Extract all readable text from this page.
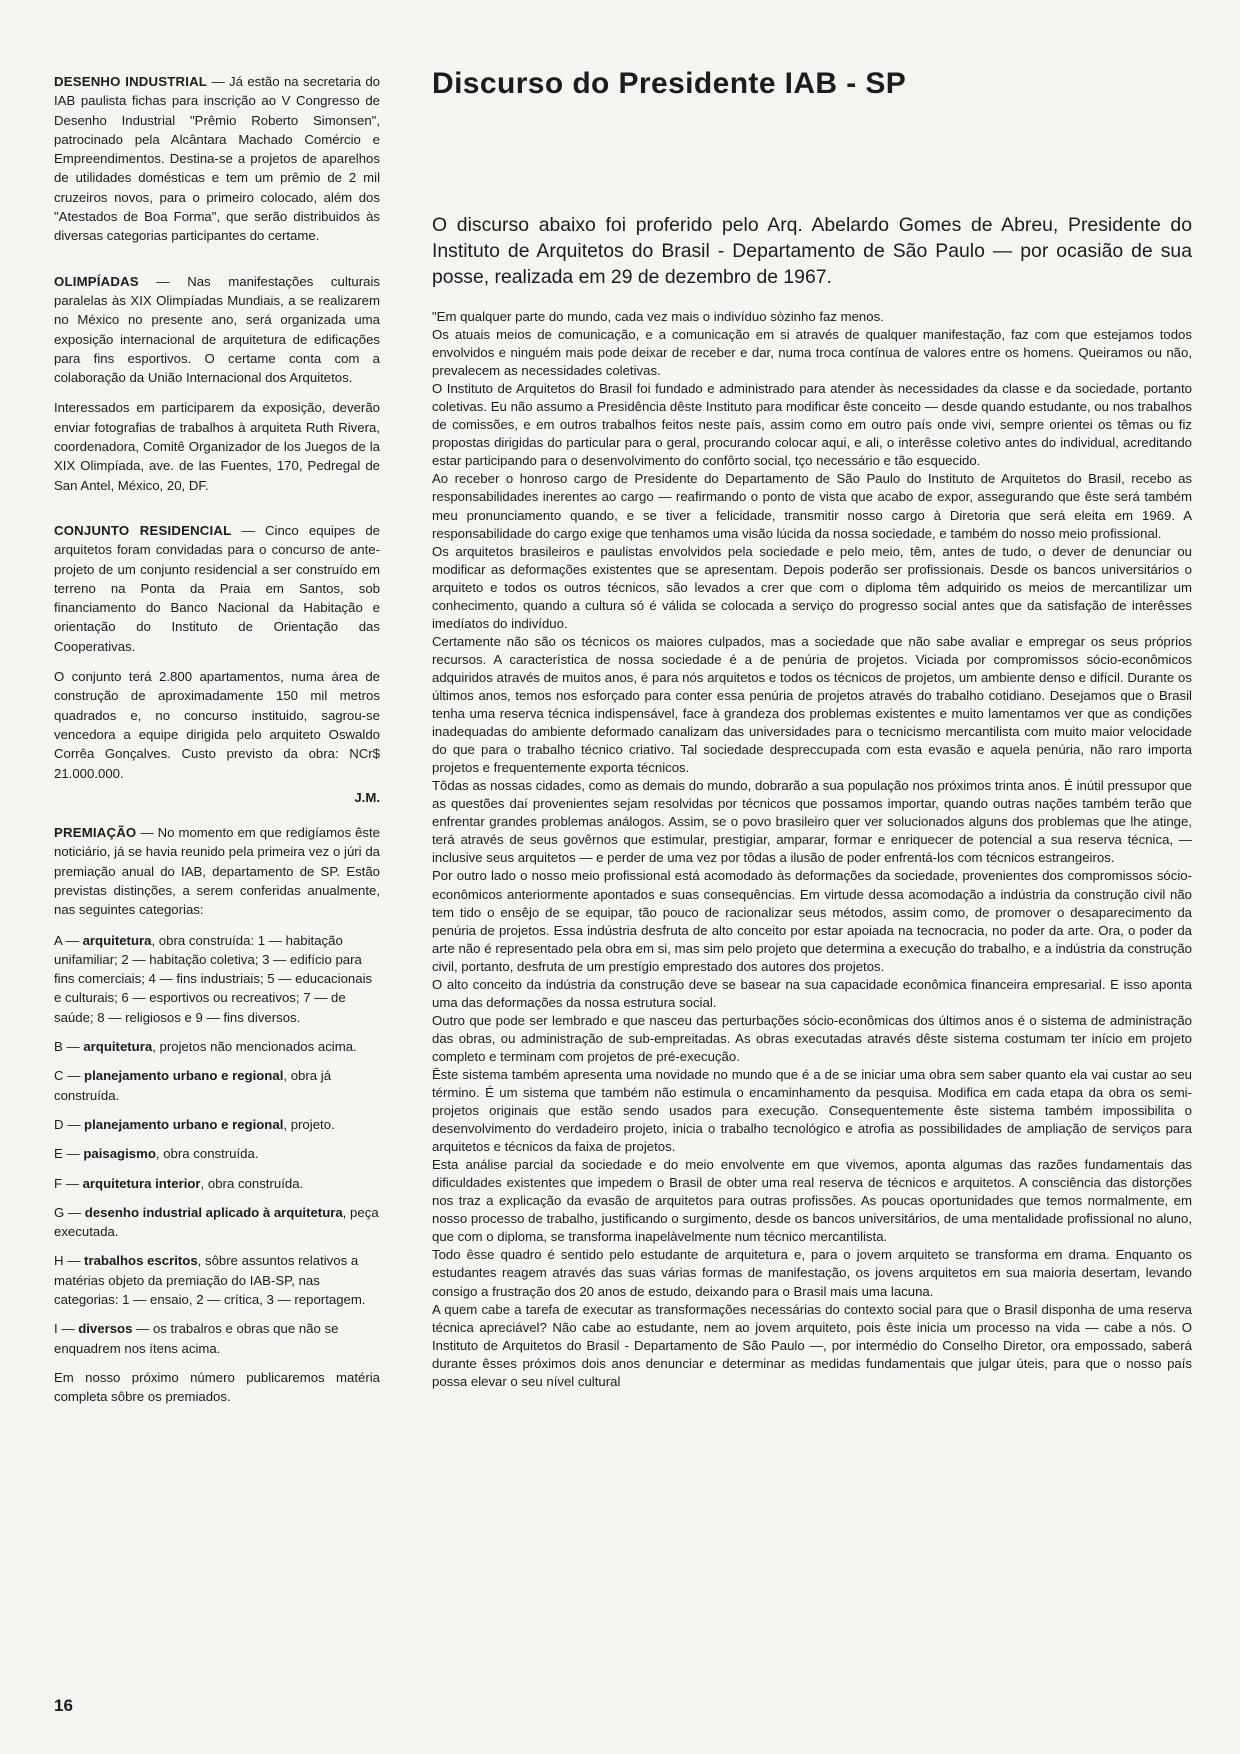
DESENHO INDUSTRIAL — Já estão na secretaria do IAB paulista fichas para inscrição ao V Congresso de Desenho Industrial "Prêmio Roberto Simonsen", patrocinado pela Alcântara Machado Comércio e Empreendimentos. Destina-se a projetos de aparelhos de utilidades domésticas e tem um prêmio de 2 mil cruzeiros novos, para o primeiro colocado, além dos "Atestados de Boa Forma", que serão distribuidos às diversas categorias participantes do certame.

OLIMPÍADAS — Nas manifestações culturais paralelas às XIX Olimpíadas Mundiais, a se realizarem no México no presente ano, será organizada uma exposição internacional de arquitetura de edificações para fins esportivos. O certame conta com a colaboração da União Internacional dos Arquitetos.

Interessados em participarem da exposição, deverão enviar fotografias de trabalhos à arquiteta Ruth Rivera, coordenadora, Comitê Organizador de los Juegos de la XIX Olimpíada, ave. de las Fuentes, 170, Pedregal de San Antel, México, 20, DF.

CONJUNTO RESIDENCIAL — Cinco equipes de arquitetos foram convidadas para o concurso de ante-projeto de um conjunto residencial a ser construído em terreno na Ponta da Praia em Santos, sob financiamento do Banco Nacional da Habitação e orientação do Instituto de Orientação das Cooperativas.

O conjunto terá 2.800 apartamentos, numa área de construção de aproximadamente 150 mil metros quadrados e, no concurso instituido, sagrou-se vencedora a equipe dirigida pelo arquiteto Oswaldo Corrêa Gonçalves. Custo previsto da obra: NCr$ 21.000.000.

J.M.

PREMIAÇÃO — No momento em que redigíamos êste noticiário, já se havia reunido pela primeira vez o júri da premiação anual do IAB, departamento de SP. Estão previstas distinções, a serem conferidas anualmente, nas seguintes categorias:

A — arquitetura, obra construída: 1 — habitação unifamiliar; 2 — habitação coletiva; 3 — edifício para fins comerciais; 4 — fins industriais; 5 — educacionais e culturais; 6 — esportivos ou recreativos; 7 — de saúde; 8 — religiosos e 9 — fins diversos.

B — arquitetura, projetos não mencionados acima.

C — planejamento urbano e regional, obra já construída.

D — planejamento urbano e regional, projeto.

E — paisagismo, obra construída.

F — arquitetura interior, obra construída.

G — desenho industrial aplicado à arquitetura, peça executada.

H — trabalhos escritos, sôbre assuntos relativos a matérias objeto da premiação do IAB-SP, nas categorias: 1 — ensaio, 2 — crítica, 3 — reportagem.

I — diversos — os trabalros e obras que não se enquadrem nos ítens acima.

Em nosso próximo número publicaremos matéria completa sôbre os premiados.

Discurso do Presidente IAB - SP

O discurso abaixo foi proferido pelo Arq. Abelardo Gomes de Abreu, Presidente do Instituto de Arquitetos do Brasil - Departamento de São Paulo — por ocasião de sua posse, realizada em 29 de dezembro de 1967.

"Em qualquer parte do mundo, cada vez mais o indivíduo sòzinho faz menos.

Os atuais meios de comunicação, e a comunicação em si através de qualquer manifestação, faz com que estejamos todos envolvidos e ninguém mais pode deixar de receber e dar, numa troca contínua de valores entre os homens. Queiramos ou não, prevalecem as necessidades coletivas.

O Instituto de Arquitetos do Brasil foi fundado e administrado para atender às necessidades da classe e da sociedade, portanto coletivas. Eu não assumo a Presidência dêste Instituto para modificar êste conceito — desde quando estudante, ou nos trabalhos de comissões, e em outros trabalhos feitos neste país, assim como em outro país onde vivi, sempre orientei os têmas ou fiz propostas dirigidas do particular para o geral, procurando colocar aqui, e ali, o interêsse coletivo antes do individual, acreditando estar participando para o desenvolvimento do confôrto social, tço necessário e tão esquecido.

Ao receber o honroso cargo de Presidente do Departamento de São Paulo do Instituto de Arquitetos do Brasil, recebo as responsabilidades inerentes ao cargo — reafirmando o ponto de vista que acabo de expor, assegurando que êste será também meu pronunciamento quando, e se tiver a felicidade, transmitir nosso cargo à Diretoria que será eleita em 1969. A responsabilidade do cargo exige que tenhamos uma visão lúcida da nossa sociedade, e também do nosso meio profissional.

Os arquitetos brasileiros e paulistas envolvidos pela sociedade e pelo meio, têm, antes de tudo, o dever de denunciar ou modificar as deformações existentes que se apresentam. Depois poderão ser profissionais. Desde os bancos universitários o arquiteto e todos os outros técnicos, são levados a crer que com o diploma têm adquirido os meios de mercantilizar um conhecimento, quando a cultura só é válida se colocada a serviço do progresso social antes que da satisfação de interêsses imedíatos do indivíduo.

Certamente não são os técnicos os maiores culpados, mas a sociedade que não sabe avaliar e empregar os seus próprios recursos. A característica de nossa sociedade é a de penúria de projetos. Viciada por compromissos sócio-econômicos adquiridos através de muitos anos, é para nós arquitetos e todos os técnicos de projetos, um ambiente denso e difícil. Durante os últimos anos, temos nos esforçado para conter essa penúria de projetos através do trabalho cotidiano. Desejamos que o Brasil tenha uma reserva técnica indispensável, face à grandeza dos problemas existentes e muito lamentamos ver que as condições inadequadas do ambiente deformado canalizam das universidades para o tecnicismo mercantilista com muito maior velocidade do que para o trabalho técnico criativo. Tal sociedade despreccupada com esta evasão e aquela penúria, não raro importa projetos e frequentemente exporta técnicos.

Tôdas as nossas cidades, como as demais do mundo, dobrarão a sua população nos próximos trinta anos. É inútil pressupor que as questões daí provenientes sejam resolvidas por técnicos que possamos importar, quando outras nações também terão que enfrentar grandes problemas análogos. Assim, se o povo brasileiro quer ver solucionados alguns dos problemas que lhe atinge, terá através de seus govêrnos que estimular, prestigiar, amparar, formar e enriquecer de potencial a sua reserva técnica, — inclusive seus arquitetos — e perder de uma vez por tôdas a ilusão de poder enfrentá-los com técnicos estrangeiros.

Por outro lado o nosso meio profissional está acomodado às deformações da sociedade, provenientes dos compromissos sócio-econômicos anteriormente apontados e suas consequências. Em virtude dessa acomodação a indústria da construção civil não tem tido o ensêjo de se equipar, tão pouco de racionalizar seus métodos, assim como, de promover o desaparecimento da penúria de projetos. Essa indústria desfruta de alto conceito por estar apoiada na tecnocracia, no poder da arte. Ora, o poder da arte não é representado pela obra em si, mas sim pelo projeto que determina a execução do trabalho, e a indústria da construção civil, portanto, desfruta de um prestígio emprestado dos autores dos projetos.

O alto conceito da indústria da construção deve se basear na sua capacidade econômica financeira empresarial. E isso aponta uma das deformações da nossa estrutura social.

Outro que pode ser lembrado e que nasceu das perturbações sócio-econômicas dos últimos anos é o sistema de administração das obras, ou administração de sub-empreitadas. As obras executadas através dêste sistema costumam ter início em projeto completo e terminam com projetos de pré-execução.

Êste sistema também apresenta uma novidade no mundo que é a de se iniciar uma obra sem saber quanto ela vai custar ao seu término. É um sistema que também não estimula o encaminhamento da pesquisa. Modifica em cada etapa da obra os semi-projetos originais que estão sendo usados para execução. Consequentemente êste sistema também impossibilita o desenvolvimento do verdadeiro projeto, inicia o trabalho tecnológico e atrofia as possibilidades de ampliação de serviços para arquitetos e técnicos da faixa de projetos.

Esta análise parcial da sociedade e do meio envolvente em que vivemos, aponta algumas das razões fundamentais das dificuldades existentes que impedem o Brasil de obter uma real reserva de técnicos e arquitetos. A consciência das distorções nos traz a explicação da evasão de arquitetos para outras profissões. As poucas oportunidades que temos normalmente, em nosso processo de trabalho, justificando o surgimento, desde os bancos universitários, de uma mentalidade profissional no aluno, que com o diploma, se transforma inapelàvelmente num técnico mercantilista.

Todo êsse quadro é sentido pelo estudante de arquitetura e, para o jovem arquiteto se transforma em drama. Enquanto os estudantes reagem através das suas várias formas de manifestação, os jovens arquitetos em sua maioria desertam, levando consigo a frustração dos 20 anos de estudo, deixando para o Brasil mais uma lacuna.

A quem cabe a tarefa de executar as transformações necessárias do contexto social para que o Brasil disponha de uma reserva técnica apreciável? Não cabe ao estudante, nem ao jovem arquiteto, pois êste inicia um processo na vida — cabe a nós. O Instituto de Arquitetos do Brasil - Departamento de São Paulo —, por intermédio do Conselho Diretor, ora empossado, saberá durante êsses próximos dois anos denunciar e determinar as medidas fundamentais que julgar úteis, para que o nosso país possa elevar o seu nível cultural

16
